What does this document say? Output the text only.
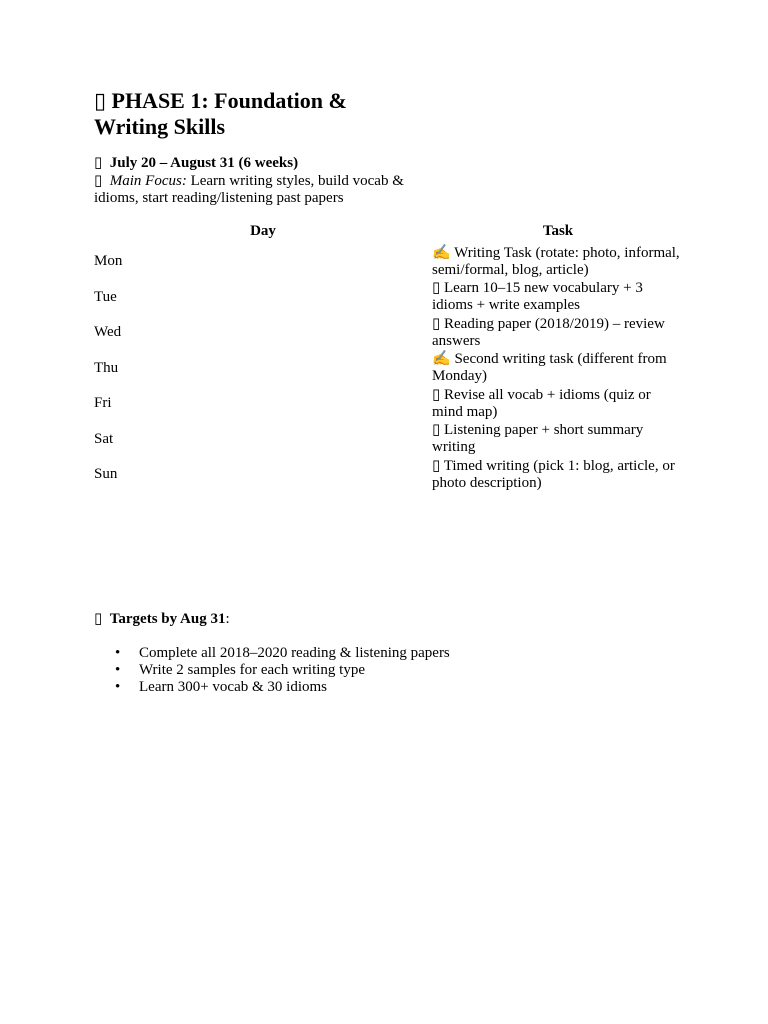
▯ PHASE 1: Foundation & Writing Skills

▯ July 20 – August 31 (6 weeks)

▯ Main Focus: Learn writing styles, build vocab & idioms, start reading/listening past papers

Day	Task
Mon	✍ Writing Task (rotate: photo, informal, semi/formal, blog, article)
Tue	▯ Learn 10–15 new vocabulary + 3 idioms + write examples
Wed	▯ Reading paper (2018/2019) – review answers
Thu	✍ Second writing task (different from Monday)
Fri	▯ Revise all vocab + idioms (quiz or mind map)
Sat	▯ Listening paper + short summary writing
Sun	▯ Timed writing (pick 1: blog, article, or photo description)

▯ Targets by Aug 31:

• Complete all 2018–2020 reading & listening papers
• Write 2 samples for each writing type
• Learn 300+ vocab & 30 idioms
